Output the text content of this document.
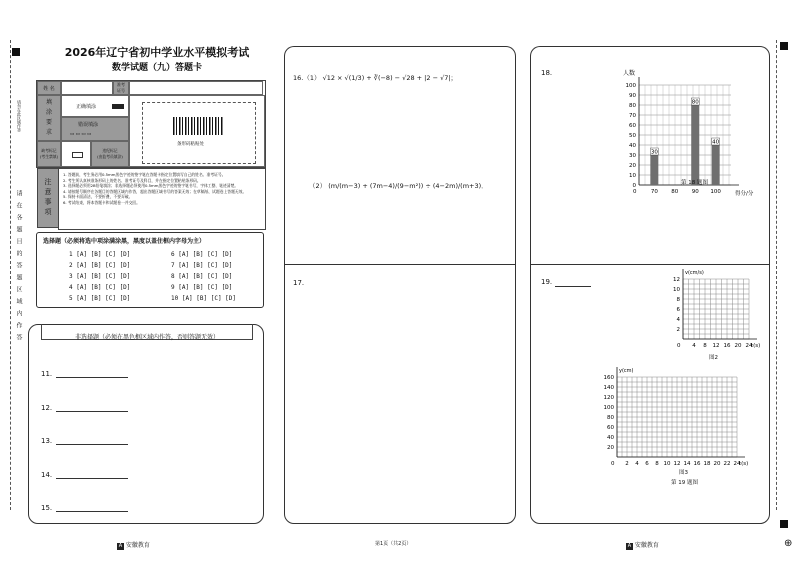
请在各题目的答题区域内作答
请勿在此区域作答
2026年辽宁省初中学业水平模拟考试
数学试题（九）答题卡
姓 名
准考
证号
填
涂
要
求
正确填涂
错误填涂
▭ ▭ ▭ ▭
缺考标记
(考生禁填)
违纪标记
(由监考员填涂)
条形码粘贴处
注意事项
1. 答题前，考生务必用0.5mm黑色字迹的签字笔在答题卡指定位置填写自己的姓名、准考证号。
2. 考生须认真核准条形码上的姓名、准考证号及科目，并在指定位置粘贴条形码。
3. 选择题必须用2B铅笔填涂；非选择题必须使用0.5mm黑色字迹的签字笔书写，字体工整、笔迹清楚。
4. 请按题号顺序在各题目的答题区域内作答，超出答题区域书写的答案无效；在草稿纸、试题卷上答题无效。
5. 保持卡面清洁，不要折叠，不要弄破。
6. 考试结束，将本答题卡和试题卷一并交回。
选择题（必须将选中项涂满涂黑，黑度以盖住框内字母为主）
1 [A] [B] [C] [D]
2 [A] [B] [C] [D]
3 [A] [B] [C] [D]
4 [A] [B] [C] [D]
5 [A] [B] [C] [D]
6 [A] [B] [C] [D]
7 [A] [B] [C] [D]
8 [A] [B] [C] [D]
9 [A] [B] [C] [D]
10 [A] [B] [C] [D]
非选择题（必须在黑色框区域内作答，否则答题无效）
11.
12.
13.
14.
15.
16.（1） √12 × √(1/3) + ∛(−8) − √28 + |2 − √7|；
（2） (m/(m−3) + (7m−4)/(9−m²)) ÷ (4−2m)/(m+3)．
17.
18.
0
10
20
30
40
50
60
70
80
90
100
人数
得分/分
70
30
80 90
80
100
40
0
第 18 题图
19.
2
4
6
8
10
12
4 8 12 16 20 24
0
v(cm/s)
t(s)
图2
20
40
60
80
100
120
140
160
2 4 6 8 10 12 14 16 18 20 22 24
0
y(cm)
t(s)
图3
第 19 题图
A 安徽教育	第1页（共2页）	A 安徽教育	⊕
